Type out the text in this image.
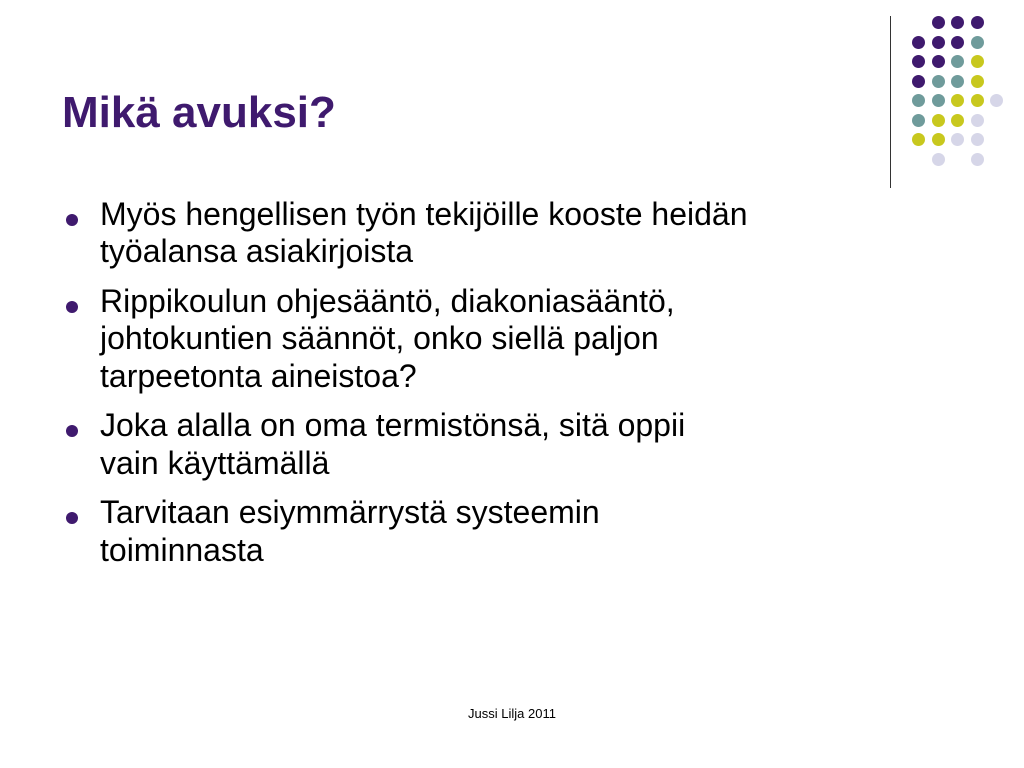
Mikä avuksi?
Myös hengellisen työn tekijöille kooste heidän
työalansa asiakirjoista
Rippikoulun ohjesääntö, diakoniasääntö,
johtokuntien säännöt, onko siellä paljon
tarpeetonta aineistoa?
Joka alalla on oma termistönsä, sitä oppii
vain käyttämällä
Tarvitaan esiymmärrystä systeemin
toiminnasta
Jussi Lilja 2011
